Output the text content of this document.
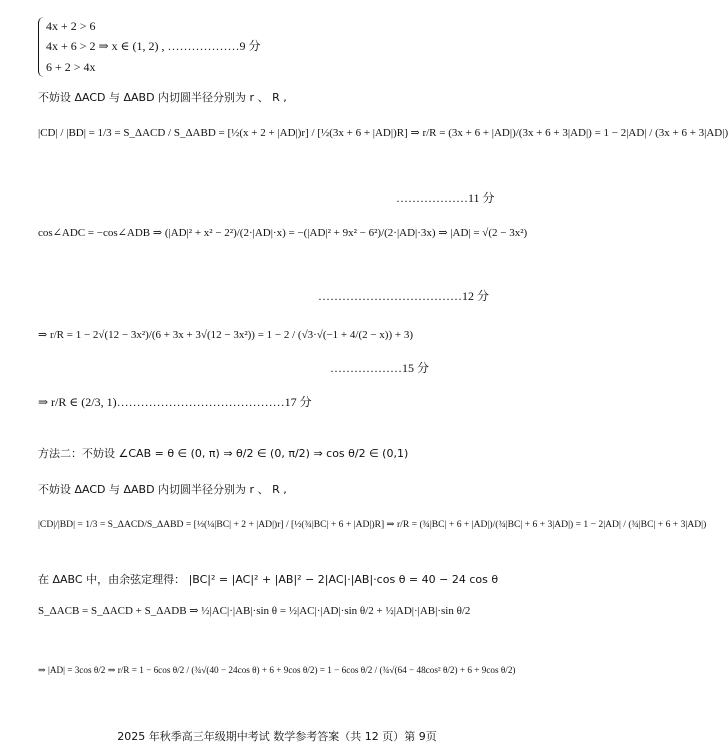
4x + 2 > 6
4x + 6 > 2 ⇒ x ∈ (1, 2) , ………………9 分
6 + 2 > 4x
不妨设 ΔACD 与 ΔABD 内切圆半径分别为 r 、 R ,
|CD| / |BD| = 1/3 = S_ΔACD / S_ΔABD = [½(x + 2 + |AD|)r] / [½(3x + 6 + |AD|)R] ⇒ r/R = (3x + 6 + |AD|)/(3x + 6 + 3|AD|) = 1 − 2|AD| / (3x + 6 + 3|AD|)
………………11 分
cos∠ADC = −cos∠ADB ⇒ (|AD|² + x² − 2²)/(2·|AD|·x) = −(|AD|² + 9x² − 6²)/(2·|AD|·3x) ⇒ |AD| = √(2 − 3x²)
………………………………12 分
⇒ r/R = 1 − 2√(12 − 3x²)/(6 + 3x + 3√(12 − 3x²)) = 1 − 2 / (√3·√(−1 + 4/(2 − x)) + 3)
………………15 分
⇒ r/R ∈ (2/3, 1)……………………………………17 分
方法二：不妨设 ∠CAB = θ ∈ (0, π) ⇒ θ/2 ∈ (0, π/2) ⇒ cos θ/2 ∈ (0,1)
不妨设 ΔACD 与 ΔABD 内切圆半径分别为 r 、 R ,
|CD|/|BD| = 1/3 = S_ΔACD/S_ΔABD = [½(¼|BC| + 2 + |AD|)r] / [½(¾|BC| + 6 + |AD|)R] ⇒ r/R = (¾|BC| + 6 + |AD|)/(¾|BC| + 6 + 3|AD|) = 1 − 2|AD| / (¾|BC| + 6 + 3|AD|)
在 ΔABC 中，由余弦定理得： |BC|² = |AC|² + |AB|² − 2|AC|·|AB|·cos θ = 40 − 24 cos θ
S_ΔACB = S_ΔACD + S_ΔADB ⇒ ½|AC|·|AB|·sin θ = ½|AC|·|AD|·sin θ/2 + ½|AD|·|AB|·sin θ/2
⇒ |AD| = 3cos θ/2 ⇒ r/R = 1 − 6cos θ/2 / (¾√(40 − 24cos θ) + 6 + 9cos θ/2) = 1 − 6cos θ/2 / (¾√(64 − 48cos² θ/2) + 6 + 9cos θ/2)
2025 年秋季高三年级期中考试 数学参考答案（共 12 页）第 9页
